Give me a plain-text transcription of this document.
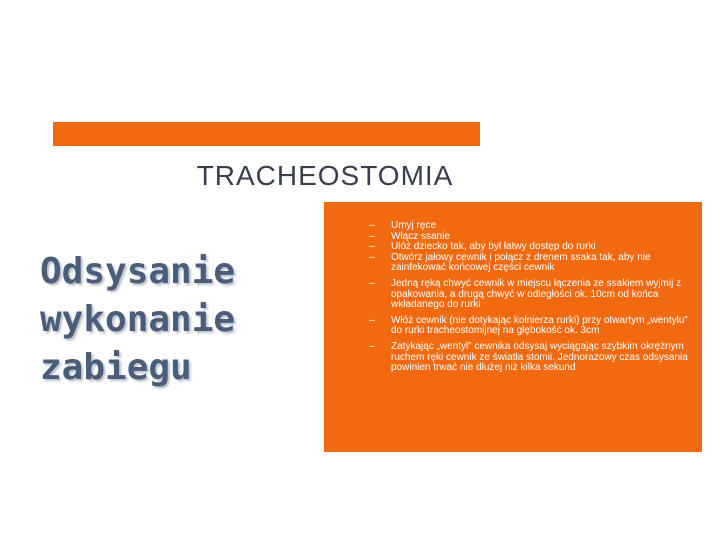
TRACHEOSTOMIA
Odsysanie
wykonanie
zabiegu
– Umyj ręce
– Włącz ssanie
– Ułóż dziecko tak, aby był łatwy dostęp do rurki
– Otwórz jałowy cewnik i połącz z drenem ssaka tak, aby nie zainfekować końcowej części cewnik
– Jedną ręką chwyć cewnik w miejscu łączenia ze ssakiem wyjmij z opakowania, a drugą chwyć w odległości ok. 10cm od końca wkładanego do rurki
– Włóż cewnik (nie dotykając kołnierza rurki) przy otwartym „wentylu” do rurki tracheostomijnej na głębokość ok. 3cm
– Zatykając „wentyl” cewnika odsysaj wyciągając szybkim okrężnym ruchem ręki cewnik ze światła stomii. Jednorazowy czas odsysania powinien trwać nie dłużej niż kilka sekund
